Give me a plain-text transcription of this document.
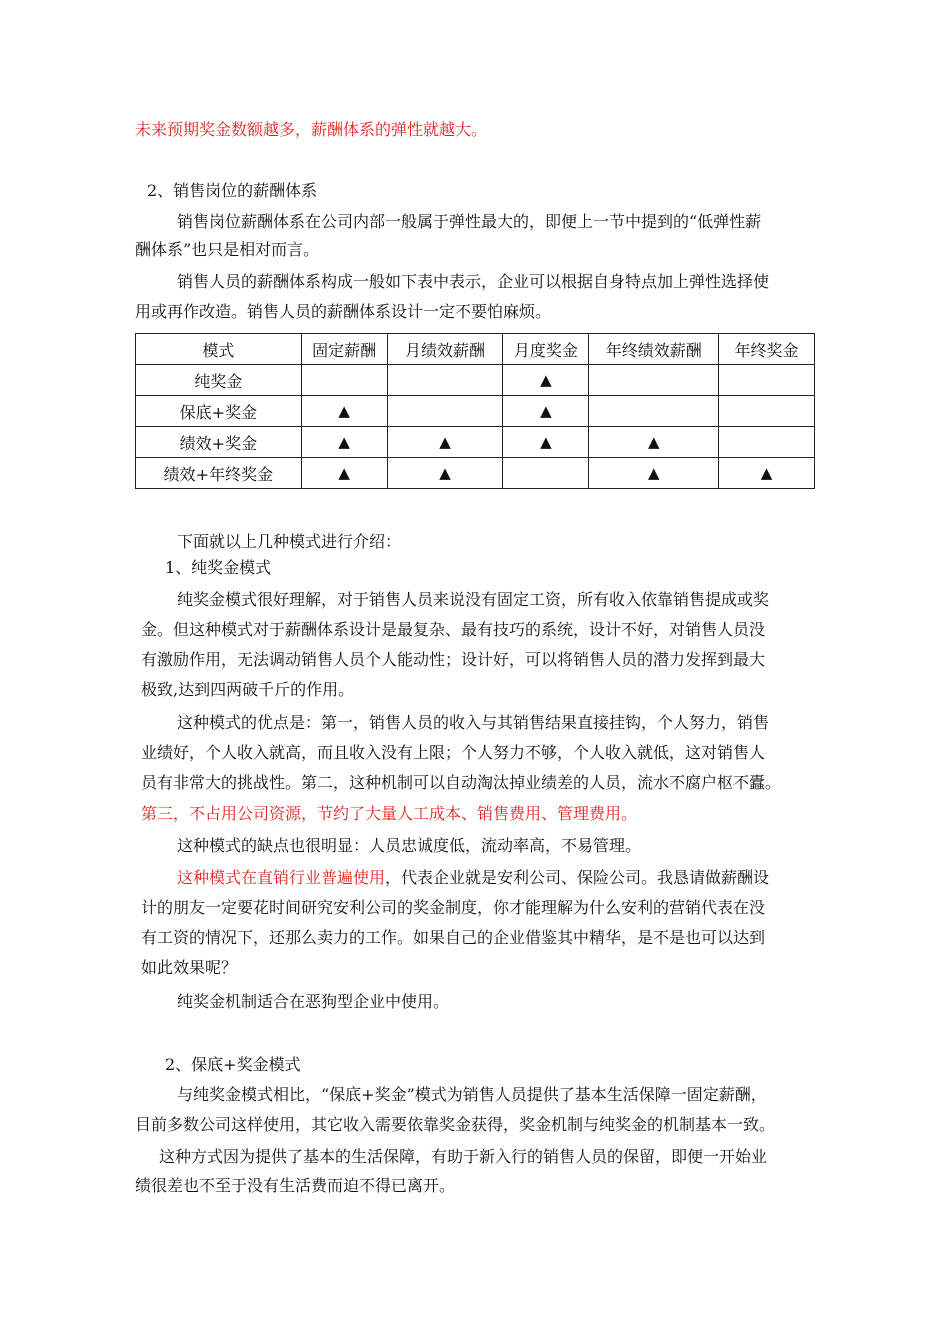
未来预期奖金数额越多，薪酬体系的弹性就越大。
2、销售岗位的薪酬体系
销售岗位薪酬体系在公司内部一般属于弹性最大的，即便上一节中提到的“低弹性薪
酬体系”也只是相对而言。
销售人员的薪酬体系构成一般如下表中表示，企业可以根据自身特点加上弹性选择使
用或再作改造。销售人员的薪酬体系设计一定不要怕麻烦。
模式	固定薪酬	月绩效薪酬	月度奖金	年终绩效薪酬	年终奖金
纯奖金			▲		
保底+奖金	▲		▲		
绩效+奖金	▲	▲	▲	▲	
绩效+年终奖金	▲	▲		▲	▲
下面就以上几种模式进行介绍：
1、纯奖金模式
纯奖金模式很好理解，对于销售人员来说没有固定工资，所有收入依靠销售提成或奖
金。但这种模式对于薪酬体系设计是最复杂、最有技巧的系统，设计不好，对销售人员没
有激励作用，无法调动销售人员个人能动性；设计好，可以将销售人员的潜力发挥到最大
极致,达到四两破千斤的作用。
这种模式的优点是：第一，销售人员的收入与其销售结果直接挂钩，个人努力，销售
业绩好，个人收入就高，而且收入没有上限；个人努力不够，个人收入就低，这对销售人
员有非常大的挑战性。第二，这种机制可以自动淘汰掉业绩差的人员，流水不腐户枢不蠹。
第三，不占用公司资源，节约了大量人工成本、销售费用、管理费用。
这种模式的缺点也很明显：人员忠诚度低，流动率高，不易管理。
这种模式在直销行业普遍使用，代表企业就是安利公司、保险公司。我恳请做薪酬设
计的朋友一定要花时间研究安利公司的奖金制度，你才能理解为什么安利的营销代表在没
有工资的情况下，还那么卖力的工作。如果自己的企业借鉴其中精华，是不是也可以达到
如此效果呢？
纯奖金机制适合在恶狗型企业中使用。
2、保底+奖金模式
与纯奖金模式相比，“保底+奖金”模式为销售人员提供了基本生活保障一固定薪酬，
目前多数公司这样使用，其它收入需要依靠奖金获得，奖金机制与纯奖金的机制基本一致。
这种方式因为提供了基本的生活保障，有助于新入行的销售人员的保留，即便一开始业
绩很差也不至于没有生活费而迫不得已离开。
